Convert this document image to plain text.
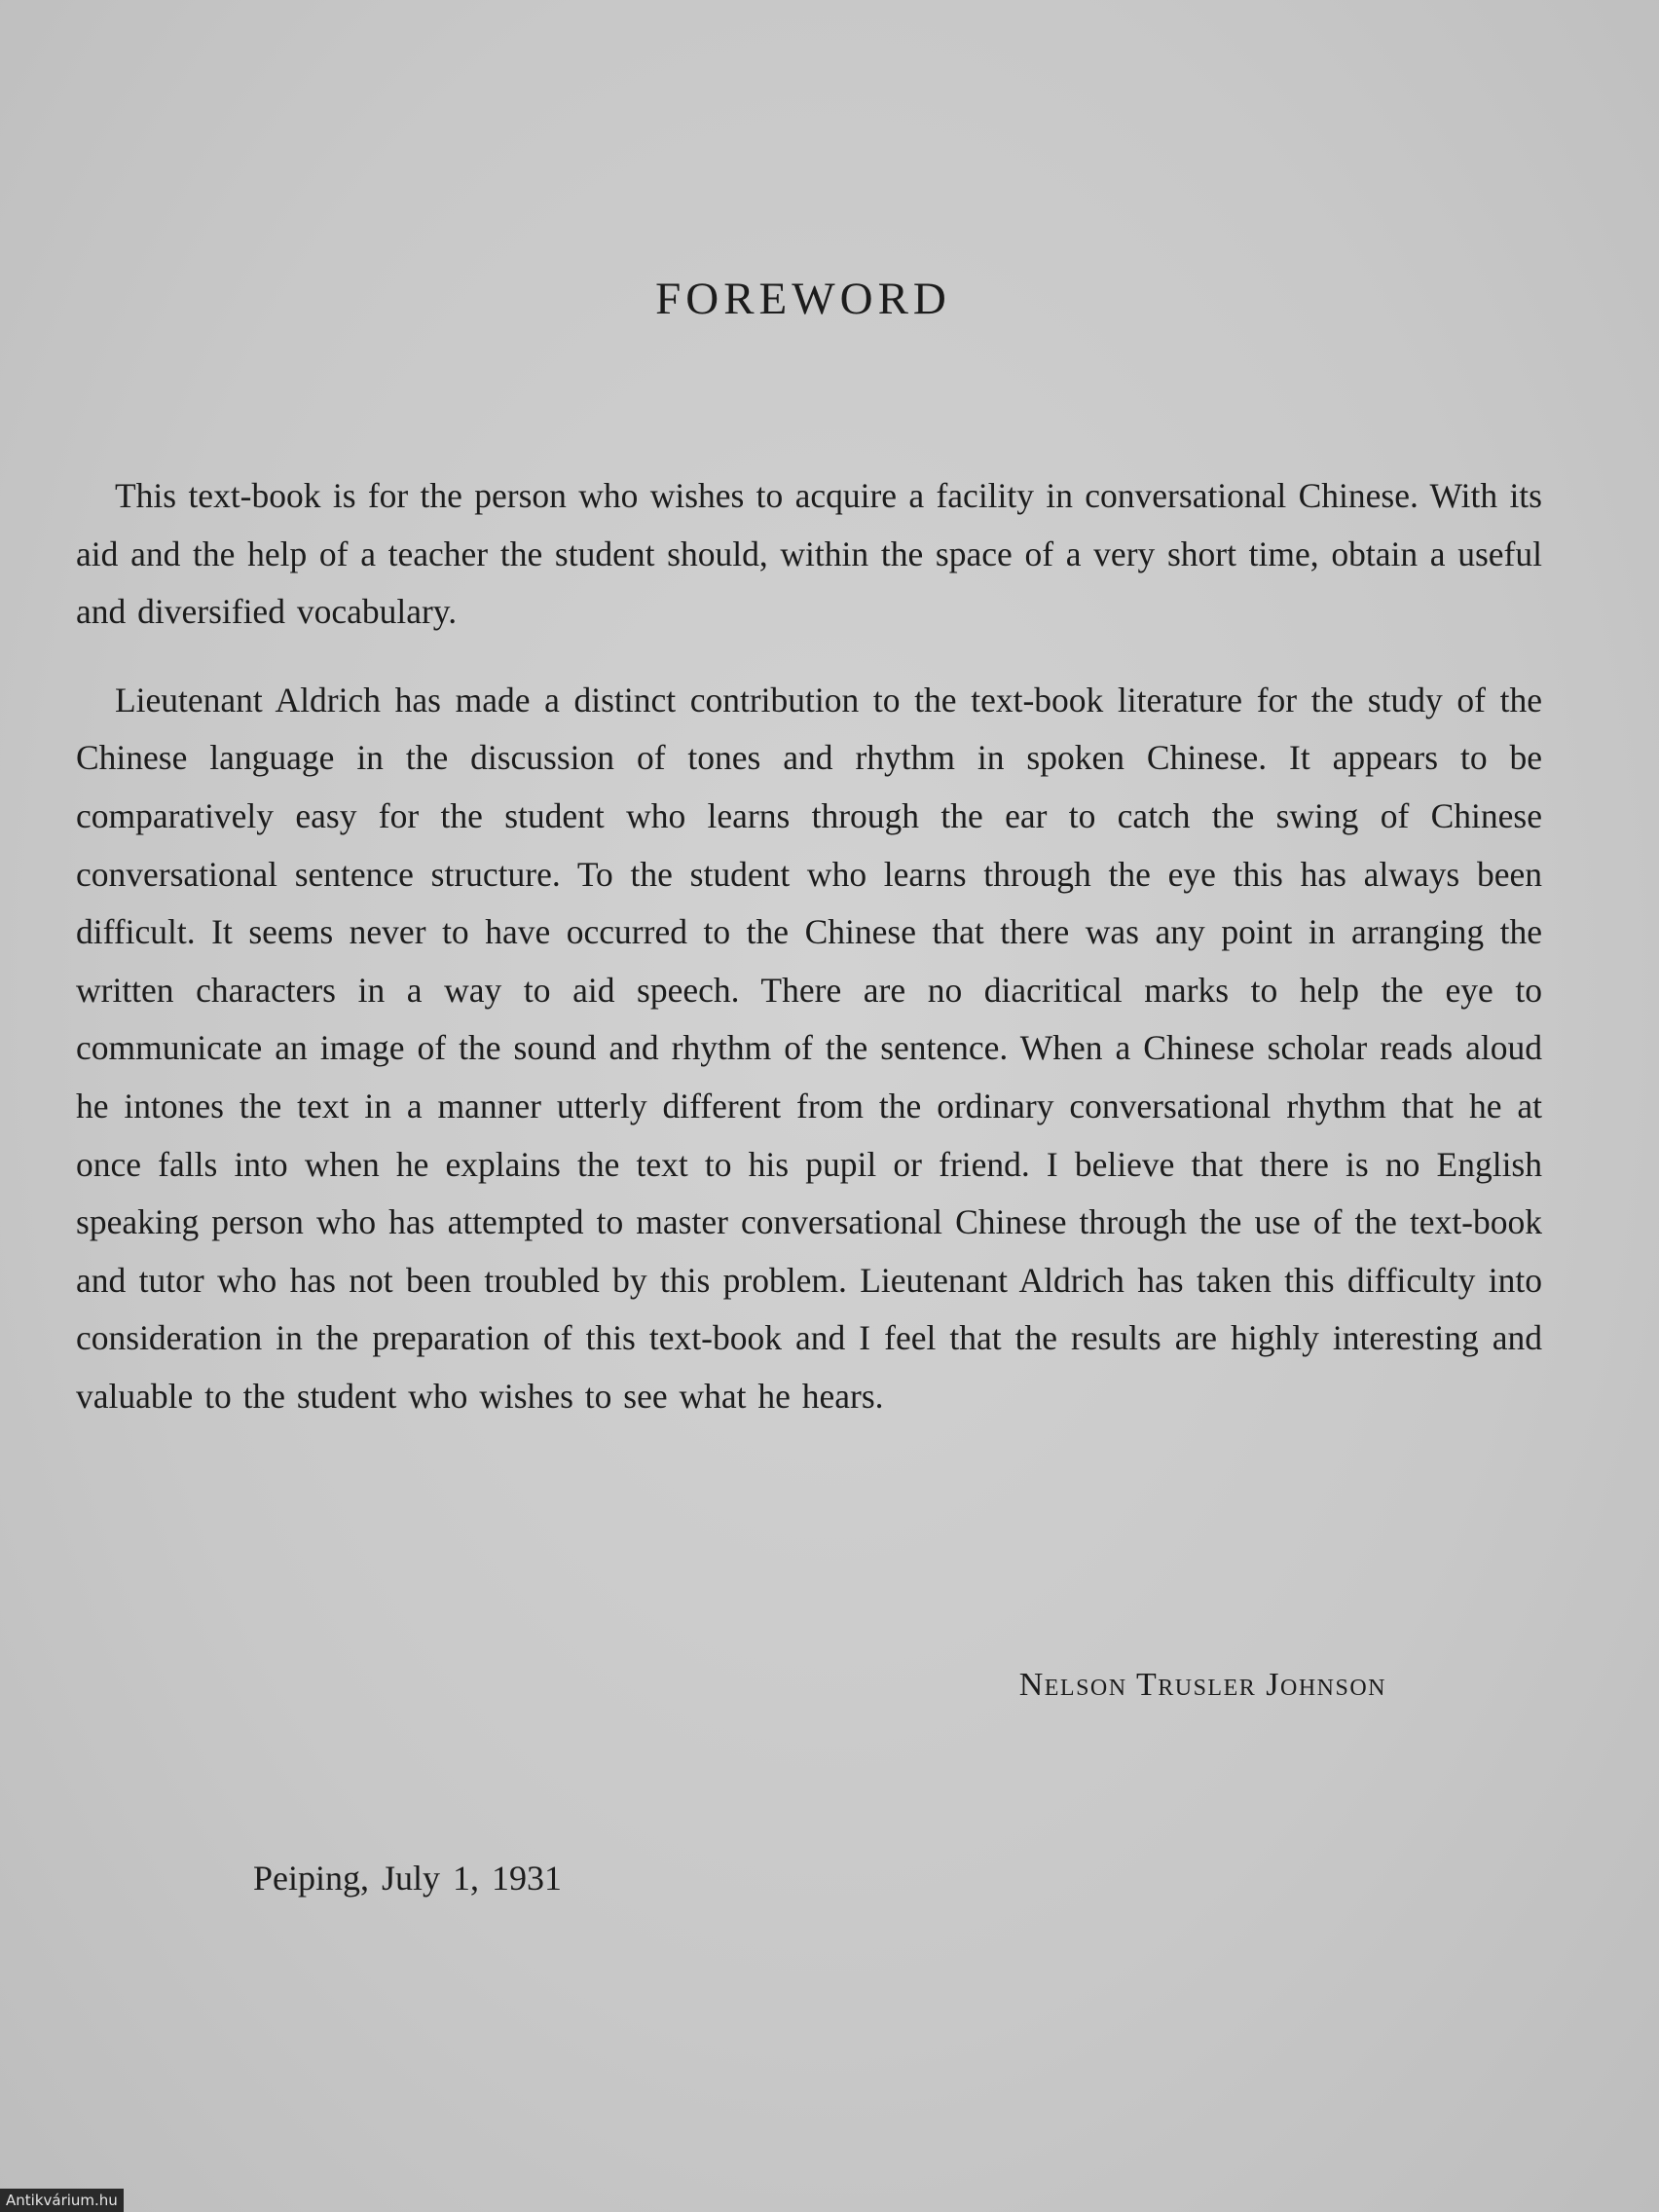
FOREWORD

This text-book is for the person who wishes to acquire a facility in conversational Chinese. With its aid and the help of a teacher the student should, within the space of a very short time, obtain a useful and diversified vocabulary.

Lieutenant Aldrich has made a distinct contribution to the text-book literature for the study of the Chinese language in the discussion of tones and rhythm in spoken Chinese. It appears to be comparatively easy for the student who learns through the ear to catch the swing of Chinese conversational sentence structure. To the student who learns through the eye this has always been difficult. It seems never to have occurred to the Chinese that there was any point in arranging the written characters in a way to aid speech. There are no diacritical marks to help the eye to communicate an image of the sound and rhythm of the sentence. When a Chinese scholar reads aloud he intones the text in a manner utterly different from the ordinary conversational rhythm that he at once falls into when he explains the text to his pupil or friend. I believe that there is no English speaking person who has attempted to master conversational Chinese through the use of the text-book and tutor who has not been troubled by this problem. Lieutenant Aldrich has taken this difficulty into consideration in the preparation of this text-book and I feel that the results are highly interesting and valuable to the student who wishes to see what he hears.

Nelson Trusler Johnson
Peiping, July 1, 1931
Antikvárium.hu
